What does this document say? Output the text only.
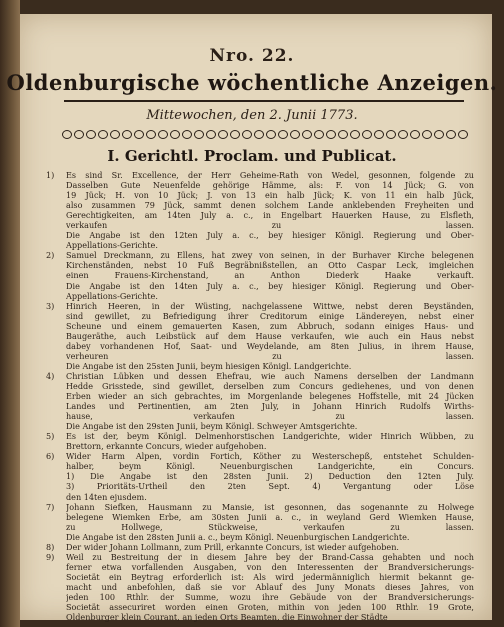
Nro. 22.
Oldenburgische wöchentliche Anzeigen.
Mittewochen, den 2. Junii 1773.
I. Gerichtl. Proclam. und Publicat.
1) Es sind Sr. Excellence, der Herr Geheime-Rath von Wedel, gesonnen, folgende zu
Dasselben Gute Neuenfelde gehörige Hämme, als: F. von 14 Jück; G. von
19 Jück; H. von 10 Jück; J. von 13 ein halb Jück; K. von 11 ein halb Jück,
also zusammen 79 Jück, sammt denen solchem Lande anklebenden Freyheiten und
Gerechtigkeiten, am 14ten July a. c., in Engelbart Hauerken Hause, zu Elsfleth,
verkaufen zu lassen.
Die Angabe ist den 12ten July a. c., bey hiesiger Königl. Regierung und Ober-
Appellations-Gerichte.
2) Samuel Dreckmann, zu Ellens, hat zwey von seinen, in der Burhaver Kirche belegenen
Kirchenständen, nebst 10 Fuß Begräbnißstellen, an Otto Caspar Leck, imgleichen
einen Frauens-Kirchenstand, an Anthon Diederk Haake verkauft.
Die Angabe ist den 14ten July a. c., bey hiesiger Königl. Regierung und Ober-
Appellations-Gerichte.
3) Hinrich Heeren, in der Wüsting, nachgelassene Wittwe, nebst deren Beyständen,
sind gewillet, zu Befriedigung ihrer Creditorum einige Ländereyen, nebst einer
Scheune und einem gemauerten Kasen, zum Abbruch, sodann einiges Haus- und
Baugeräthe, auch Leibstück auf dem Hause verkaufen, wie auch ein Haus nebst
dabey vorhandenen Hof, Saat- und Weydelande, am 8ten Julius, in ihrem Hause,
verheuren zu lassen.
Die Angabe ist den 25sten Junii, beym hiesigen Königl. Landgerichte.
4) Christian Lübken und dessen Ehefrau, wie auch Namens derselben der Landmann
Hedde Grisstede, sind gewillet, derselben zum Concurs gediehenes, und von denen
Erben wieder an sich gebrachtes, im Morgenlande belegenes Hoffstelle, mit 24 Jücken
Landes und Pertinentien, am 2ten July, in Johann Hinrich Rudolfs Wirths-
hause, verkaufen zu lassen.
Die Angabe ist den 29sten Junii, beym Königl. Schweyer Amtsgerichte.
5) Es ist der, beym Königl. Delmenhorstischen Landgerichte, wider Hinrich Wübben, zu
Brettorn, erkannte Concurs, wieder aufgehoben.
6) Wider Harm Alpen, vordin Fortich, Köther zu Westerschepß, entstehet Schulden-
halber, beym Königl. Neuenburgischen Landgerichte, ein Concurs.
1) Die Angabe ist den 28sten Junii. 2) Deduction den 12ten July.
3) Prioritäts-Urtheil den 2ten Sept. 4) Vergantung oder Löse
den 14ten ejusdem.
7) Johann Siefken, Hausmann zu Mansie, ist gesonnen, das sogenannte zu Holwege
belegene Wiemken Erbe, am 30sten Junii a. c., in weyland Gerd Wiemken Hause,
zu Hollwege, Stückweise, verkaufen zu lassen.
Die Angabe ist den 28sten Junii a. c., beym Königl. Neuenburgischen Landgerichte.
8) Der wider Johann Lollmann, zum Prill, erkannte Concurs, ist wieder aufgehoben.
9) Weil zu Bestreitung der in diesem Jahre bey der Brand-Cassa gehabten und noch
ferner etwa vorfallenden Ausgaben, von den Interessenten der Brandversicherungs-
Societät ein Beytrag erforderlich ist: Als wird jedermänniglich hiermit bekannt ge-
macht und anbefohlen, daß sie vor Ablauf des Juny Monats dieses Jahres, von
jeden 100 Rthlr. der Summe, wozu ihre Gebäude von der Brandversicherungs-
Societät assecuriret worden einen Groten, mithin von jeden 100 Rthlr. 19 Grote,
Oldenburger klein Courant, an jeden Orts Beamten, die Einwohner der Städte
